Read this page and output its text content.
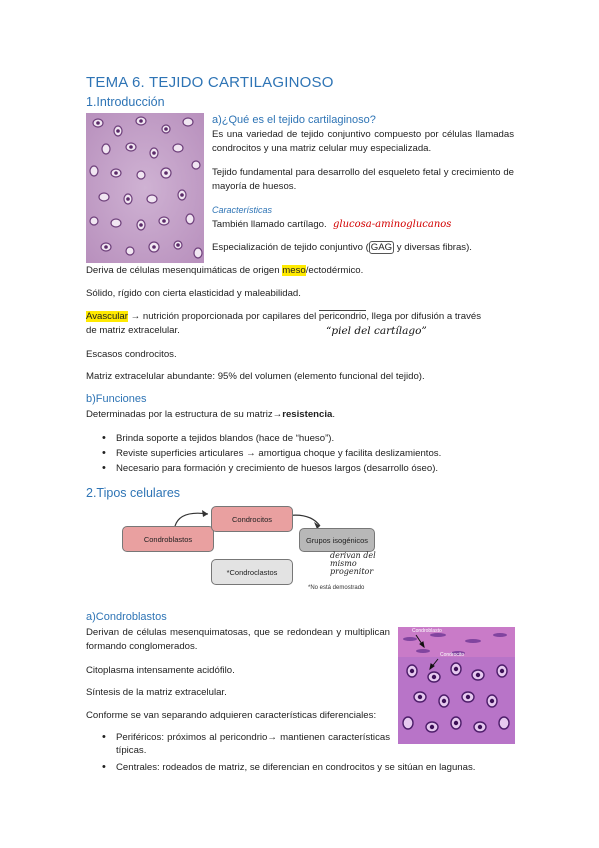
TEMA 6. TEJIDO CARTILAGINOSO
1.Introducción
a)¿Qué es el tejido cartilaginoso?
Es una variedad de tejido conjuntivo compuesto por células llamadas condrocitos y una matriz celular muy especializada.
Tejido fundamental para desarrollo del esqueleto fetal y crecimiento de mayoría de huesos.
Características
También llamado cartílago. glucosa-aminoglucanos
Especialización de tejido conjuntivo ( GAG y diversas fibras).
Deriva de células mesenquimáticas de origen meso/ectodérmico.
Sólido, rígido con cierta elasticidad y maleabilidad.
Avascular → nutrición proporcionada por capilares del pericondrio, llega por difusión a través
de matriz extracelular.	“piel del cartílago”
Escasos condrocitos.
Matriz extracelular abundante: 95% del volumen (elemento funcional del tejido).
b)Funciones
Determinadas por la estructura de su matriz→resistencia.
• Brinda soporte a tejidos blandos (hace de “hueso”).
• Reviste superficies articulares → amortigua choque y facilita deslizamientos.
• Necesario para formación y crecimiento de huesos largos (desarrollo óseo).
2.Tipos celulares
Condroblastos
Condrocitos
Grupos isogénicos
*Condroclastos
derivan del mismo progenitor
*No está demostrado
a)Condroblastos
Derivan de células mesenquimatosas, que se redondean y multiplican formando conglomerados.
Citoplasma intensamente acidófilo.
Síntesis de la matriz extracelular.
Conforme se van separando adquieren características diferenciales:
• Periféricos: próximos al pericondrio→ mantienen características típicas.
• Centrales: rodeados de matriz, se diferencian en condrocitos y se sitúan en lagunas.
Condroblasto
Condrocito
